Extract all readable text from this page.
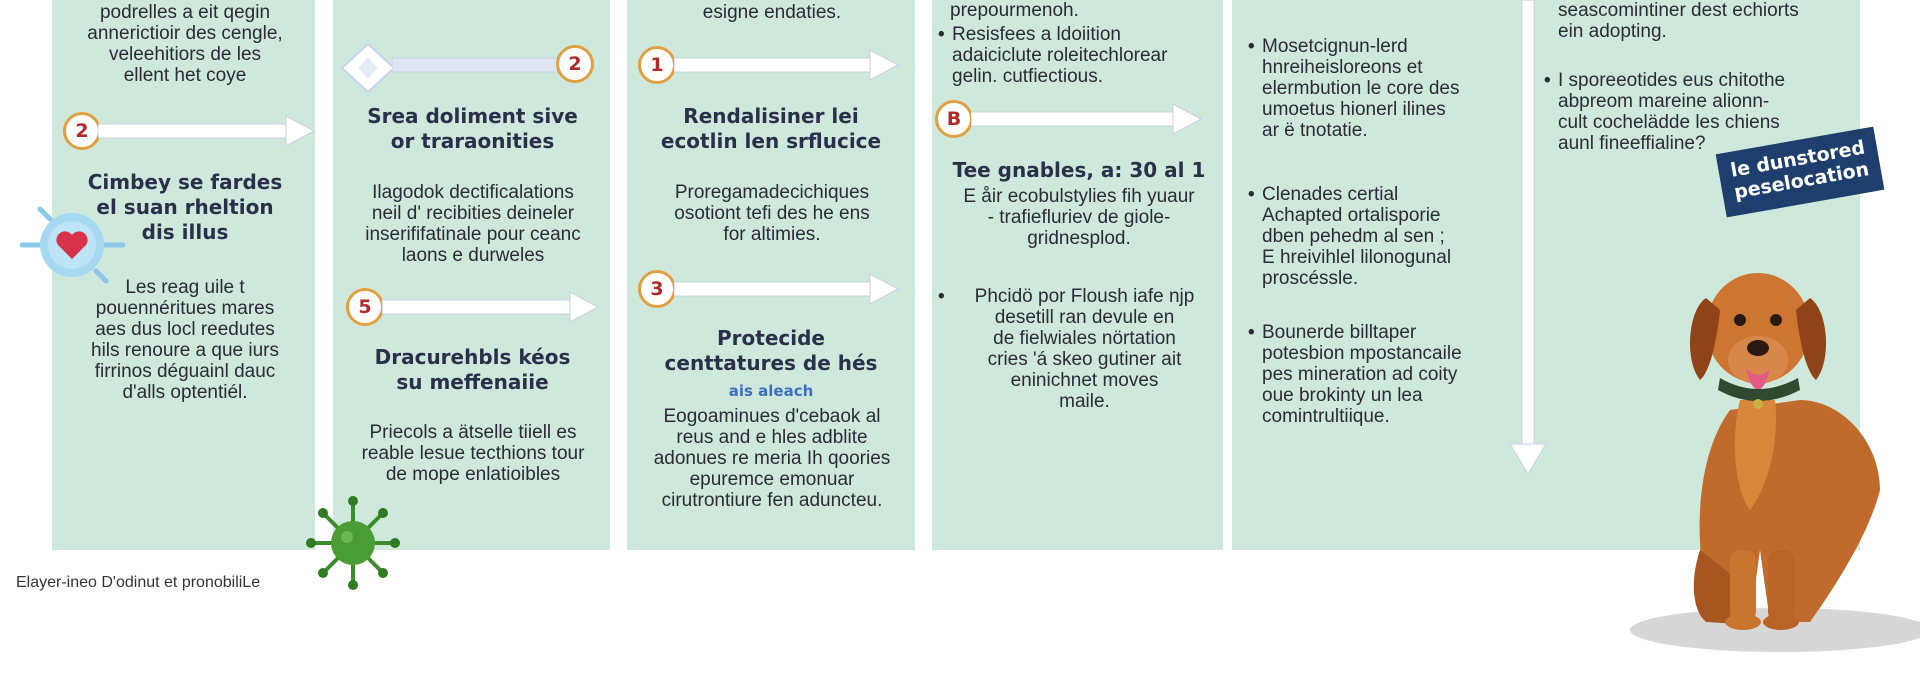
podrelles a eit qegin
annerictioir des cengle,
veleehitiors de les
ellent het coye
2
Cimbey se fardes
el suan rheltion
dis illus
Les reag uile t
pouennéritues mares
aes dus locl reedutes
hils renoure a que iurs
firrinos déguainl dauc
d'alls optentiél.
2
Srea doliment sive
or traraonities
Ilagodok dectificalations
neil d' recibities deineler
inserififatinale pour ceanc
laons e durweles
5
Dracurehbls kéos
su meffenaiie
Priecols a ätselle tiiell es
reable lesue tecthions tour
de mope enlatioibles
esigne endaties.
1
Rendalisiner lei
ecotlin len srflucice
Proregamadecichiques
osotiont tefi des he ens
for altimies.
3
Protecide
centtatures de hés
ais aleach
Eogoaminues d'cebaok al
reus and e hles adblite
adonues re meria Ih qoories
epuremce emonuar
cirutrontiure fen aduncteu.
prepourmenoh.
• Resisfees a ldoiition
adaiciclute roleitechlorear
gelin. cutfiectious.
B
Tee gnables, a: 30 al 1
E åir ecobulstylies fih yuaur
- trafiefluriev de giole-
gridnesplod.
• Phcidö por Floush iafe njp
desetill ran devule en
de fielwiales nörtation
cries 'á skeo gutiner ait
eninichnet moves
maile.
• Mosetcignun-lerd
hnreiheisloreons et
elermbution le core des
umoetus hionerl ilines
ar ë tnotatie.
• Clenades certial
Achapted ortalisporie
dben pehedm al sen ;
E hreivihlel lilonogunal
proscéssle.
• Bounerde billtaper
potesbion mpostancaile
pes mineration ad coity
oue brokinty un lea
comintrultiique.
seascomintiner dest echiorts
ein adopting.
• I sporeeotides eus chitothe
abpreom mareine alionn-
cult cochelädde les chiens
aunl fineeffialine?	le dunstored
peselocation
Elayer-ineo D'odinut et pronobiliLe
